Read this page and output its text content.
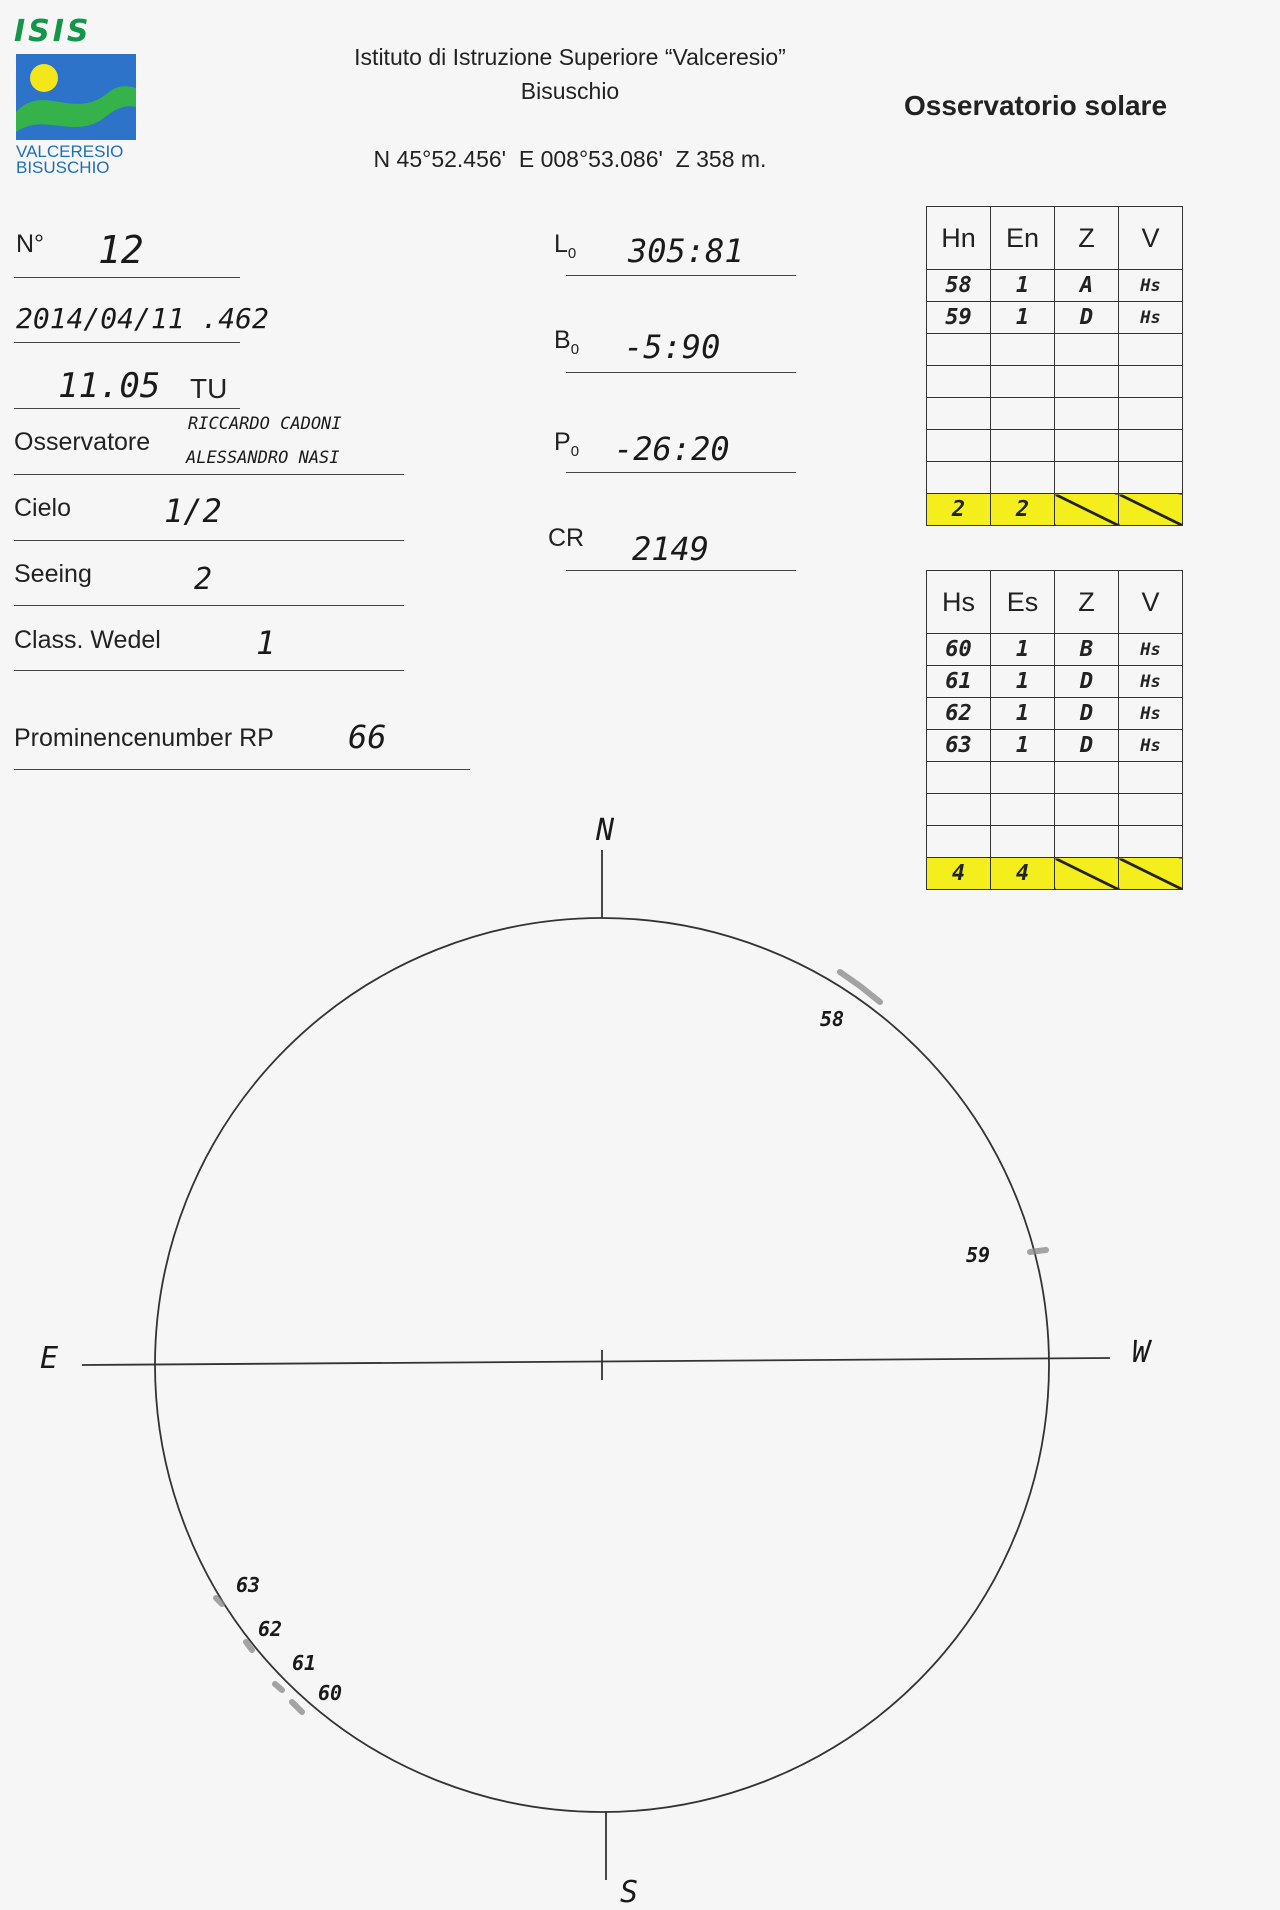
ISIS
VALCERESIO
BISUSCHIO
Istituto di Istruzione Superiore “Valceresio”
Bisuschio
N 45°52.456'  E 008°53.086'  Z 358 m.
Osservatorio solare
N° 12
2014/04/11 .462
11.05 TU
Osservatore
RICCARDO CADONI
ALESSANDRO NASI
Cielo	1/2
Seeing	2
Class. Wedel	1
Prominencenumber RP 66
$L_0$ 305:81
$B_0$ -5:90
$P_0$ -26:20
CR 2149
Hn	En	Z	V
58	1	A	Hs
59	1	D	Hs

2	2		
Hs	Es	Z	V
60	1	B	Hs
61	1	D	Hs
62	1	D	Hs
63	1	D	Hs

4	4		
N
S
E	W
58
59
60
61
62
63
